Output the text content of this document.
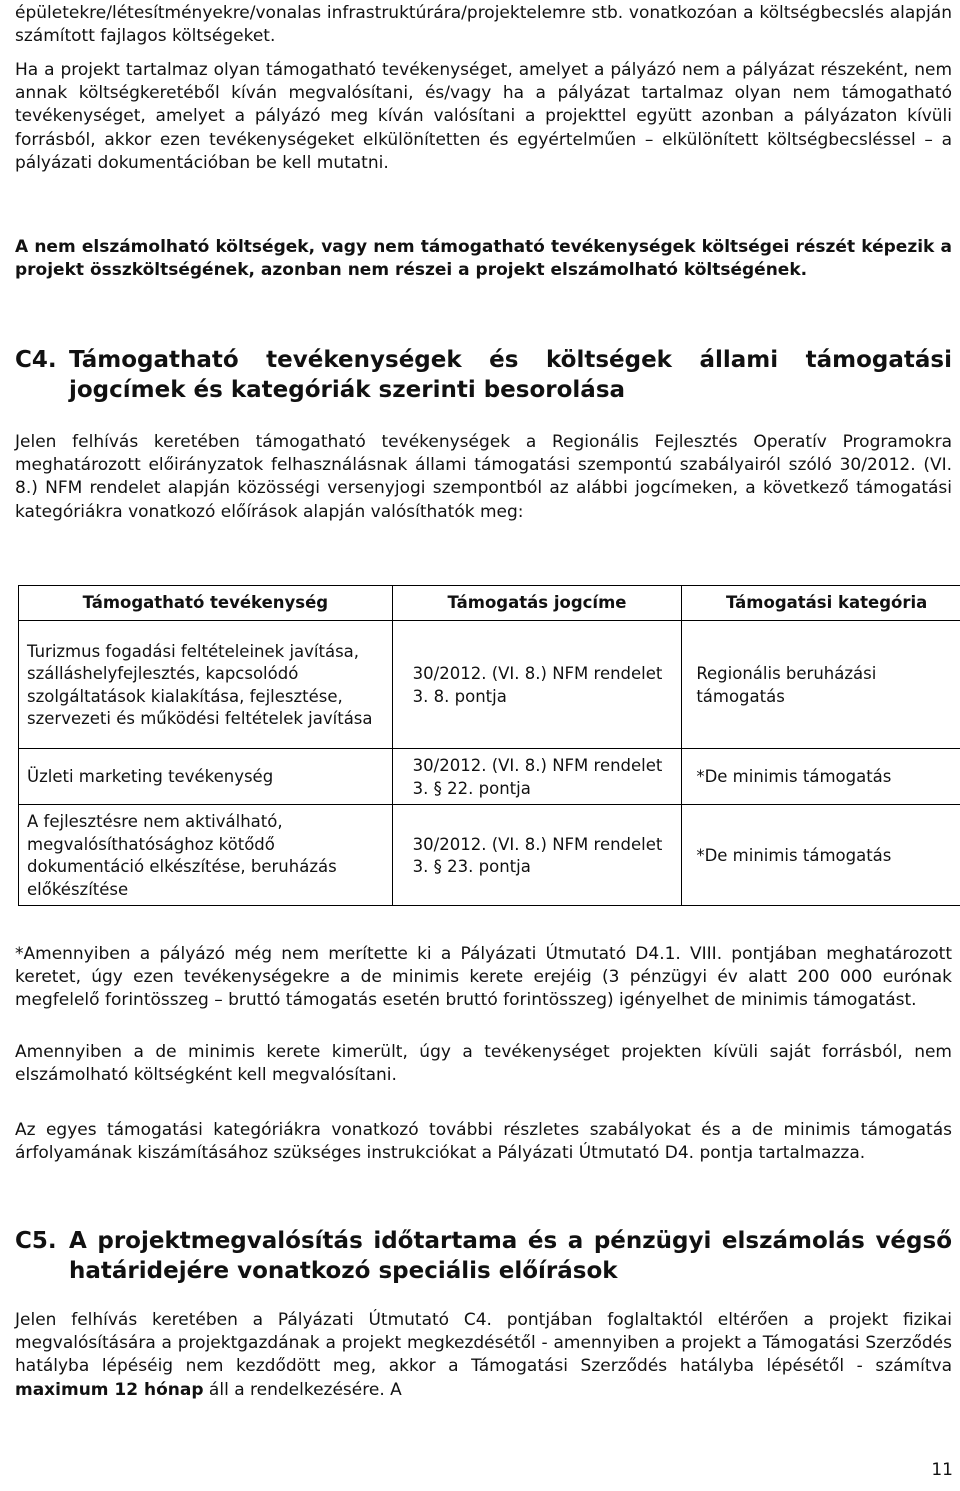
épületekre/létesítményekre/vonalas infrastruktúrára/projektelemre stb. vonatkozóan a költségbecslés alapján számított fajlagos költségeket.

Ha a projekt tartalmaz olyan támogatható tevékenységet, amelyet a pályázó nem a pályázat részeként, nem annak költségkeretéből kíván megvalósítani, és/vagy ha a pályázat tartalmaz olyan nem támogatható tevékenységet, amelyet a pályázó meg kíván valósítani a projekttel együtt azonban a pályázaton kívüli forrásból, akkor ezen tevékenységeket elkülönítetten és egyértelműen – elkülönített költségbecsléssel – a pályázati dokumentációban be kell mutatni.

A nem elszámolható költségek, vagy nem támogatható tevékenységek költségei részét képezik a projekt összköltségének, azonban nem részei a projekt elszámolható költségének.

C4. Támogatható tevékenységek és költségek állami támogatási jogcímek és kategóriák szerinti besorolása

Jelen felhívás keretében támogatható tevékenységek a Regionális Fejlesztés Operatív Programokra meghatározott előirányzatok felhasználásnak állami támogatási szempontú szabályairól szóló 30/2012. (VI. 8.) NFM rendelet alapján közösségi versenyjogi szempontból az alábbi jogcímeken, a következő támogatási kategóriákra vonatkozó előírások alapján valósíthatók meg:

Támogatható tevékenység	Támogatás jogcíme	Támogatási kategória
Turizmus fogadási feltételeinek javítása, szálláshelyfejlesztés, kapcsolódó szolgáltatások kialakítása, fejlesztése, szervezeti és működési feltételek javítása	30/2012. (VI. 8.) NFM rendelet 3. 8. pontja	Regionális beruházási támogatás
Üzleti marketing tevékenység	30/2012. (VI. 8.) NFM rendelet 3. § 22. pontja	*De minimis támogatás
A fejlesztésre nem aktiválható, megvalósíthatósághoz kötődő dokumentáció elkészítése, beruházás előkészítése	30/2012. (VI. 8.) NFM rendelet 3. § 23. pontja	*De minimis támogatás

*Amennyiben a pályázó még nem merítette ki a Pályázati Útmutató D4.1. VIII. pontjában meghatározott keretet, úgy ezen tevékenységekre a de minimis kerete erejéig (3 pénzügyi év alatt 200 000 eurónak megfelelő forintösszeg – bruttó támogatás esetén bruttó forintösszeg) igényelhet de minimis támogatást.

Amennyiben a de minimis kerete kimerült, úgy a tevékenységet projekten kívüli saját forrásból, nem elszámolható költségként kell megvalósítani.

Az egyes támogatási kategóriákra vonatkozó további részletes szabályokat és a de minimis támogatás árfolyamának kiszámításához szükséges instrukciókat a Pályázati Útmutató D4. pontja tartalmazza.

C5. A projektmegvalósítás időtartama és a pénzügyi elszámolás végső határidejére vonatkozó speciális előírások

Jelen felhívás keretében a Pályázati Útmutató C4. pontjában foglaltaktól eltérően a projekt fizikai megvalósítására a projektgazdának a projekt megkezdésétől - amennyiben a projekt a Támogatási Szerződés hatályba lépéséig nem kezdődött meg, akkor a Támogatási Szerződés hatályba lépésétől - számítva maximum 12 hónap áll a rendelkezésére. A

11
